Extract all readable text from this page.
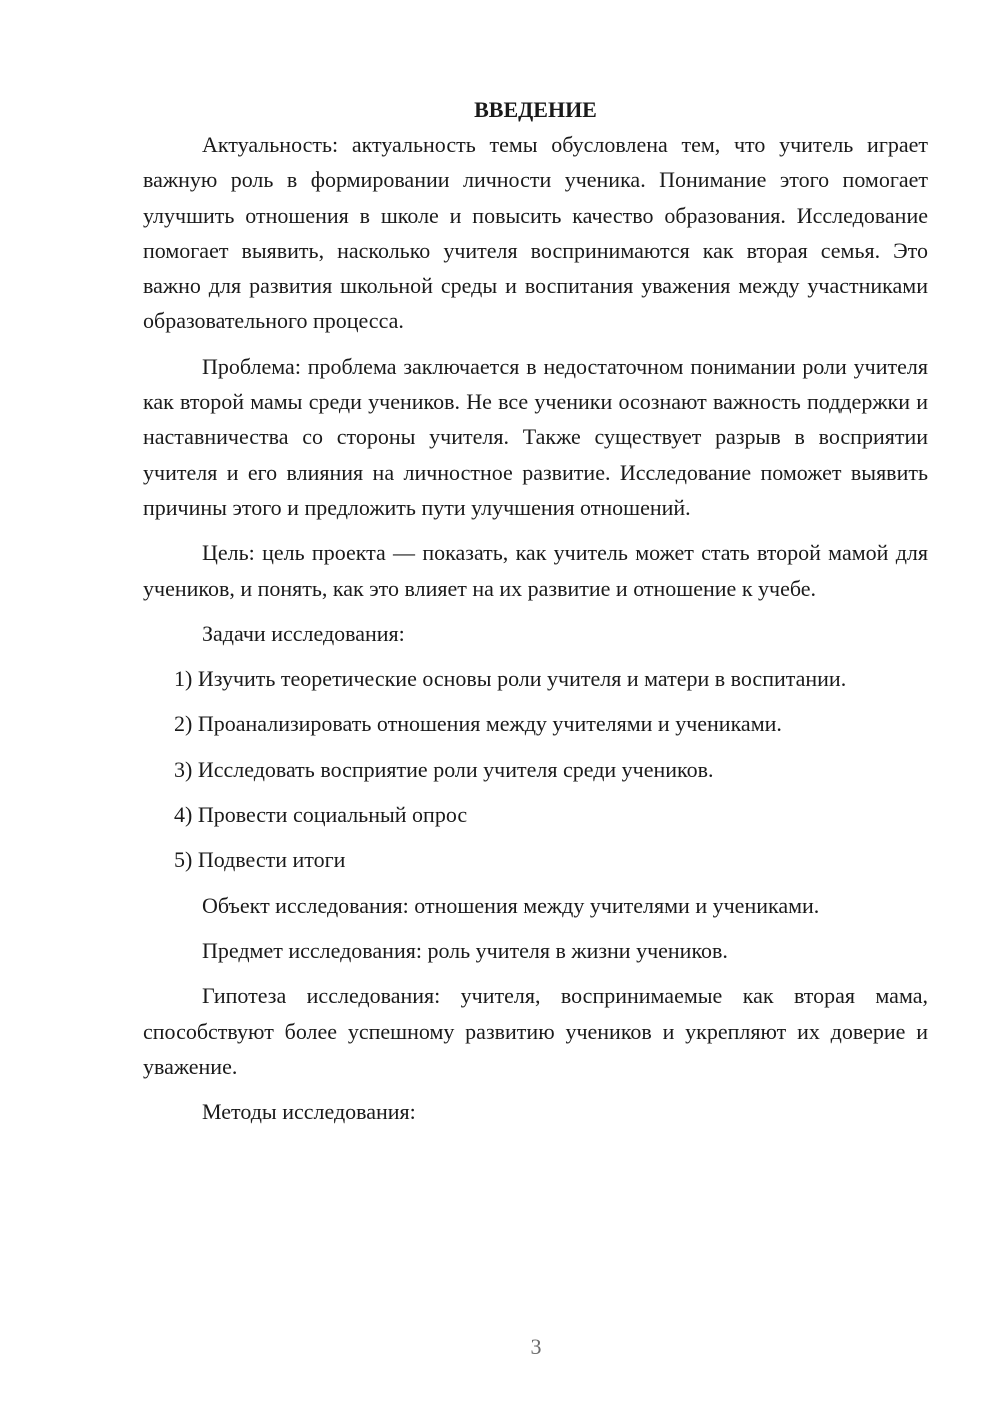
ВВЕДЕНИЕ
Актуальность: актуальность темы обусловлена тем, что учитель играет важную роль в формировании личности ученика. Понимание этого помогает улучшить отношения в школе и повысить качество образования. Исследование помогает выявить, насколько учителя воспринимаются как вторая семья. Это важно для развития школьной среды и воспитания уважения между участниками образовательного процесса.
Проблема: проблема заключается в недостаточном понимании роли учителя как второй мамы среди учеников. Не все ученики осознают важность поддержки и наставничества со стороны учителя. Также существует разрыв в восприятии учителя и его влияния на личностное развитие. Исследование поможет выявить причины этого и предложить пути улучшения отношений.
Цель: цель проекта — показать, как учитель может стать второй мамой для учеников, и понять, как это влияет на их развитие и отношение к учебе.
Задачи исследования:
1) Изучить теоретические основы роли учителя и матери в воспитании.
2) Проанализировать отношения между учителями и учениками.
3) Исследовать восприятие роли учителя среди учеников.
4) Провести социальный опрос
5) Подвести итоги
Объект исследования: отношения между учителями и учениками.
Предмет исследования: роль учителя в жизни учеников.
Гипотеза исследования: учителя, воспринимаемые как вторая мама, способствуют более успешному развитию учеников и укрепляют их доверие и уважение.
Методы исследования:
3
